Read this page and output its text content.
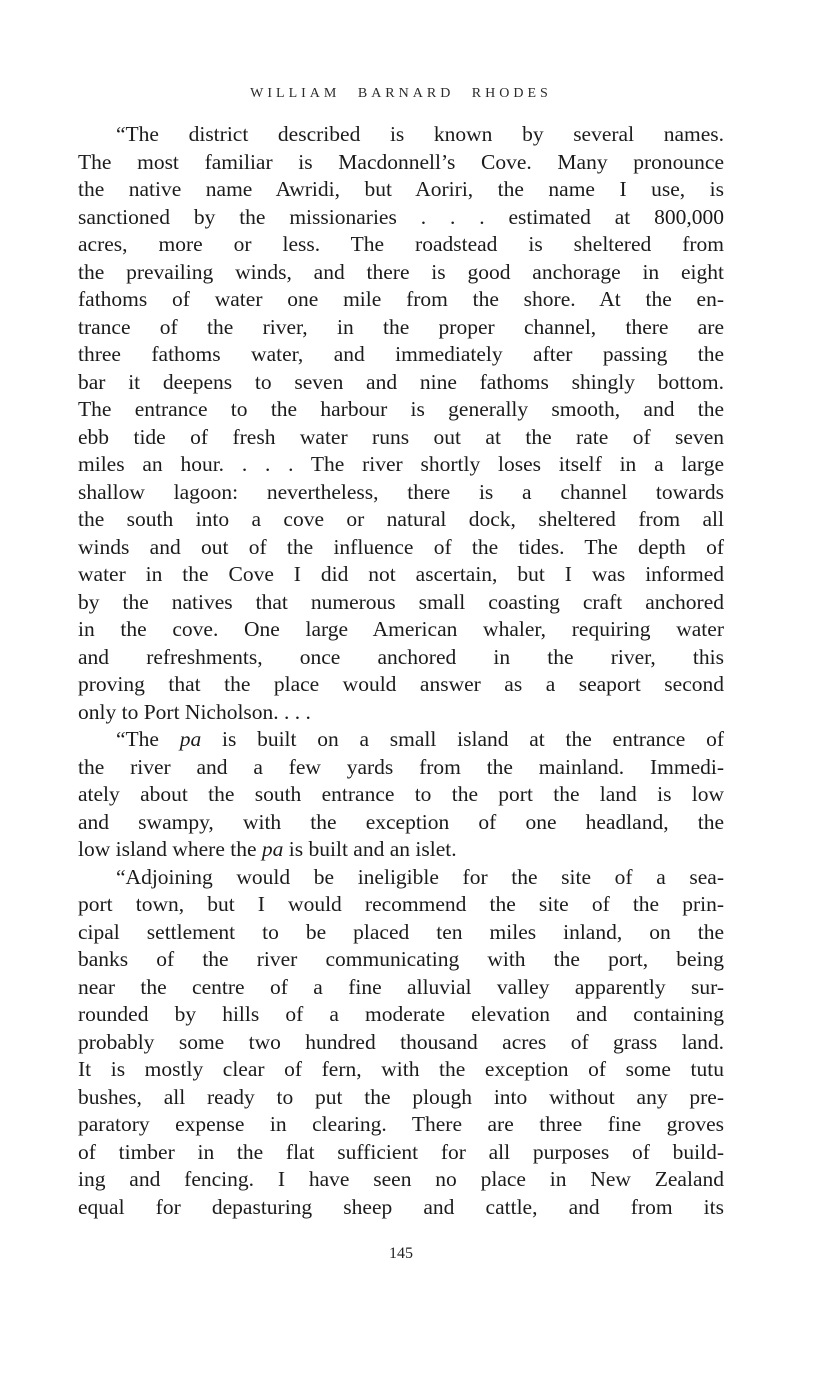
WILLIAM BARNARD RHODES
“The district described is known by several names.
The most familiar is Macdonnell’s Cove. Many pronounce
the native name Awridi, but Aoriri, the name I use, is
sanctioned by the missionaries . . . estimated at 800,000
acres, more or less. The roadstead is sheltered from
the prevailing winds, and there is good anchorage in eight
fathoms of water one mile from the shore. At the en-
trance of the river, in the proper channel, there are
three fathoms water, and immediately after passing the
bar it deepens to seven and nine fathoms shingly bottom.
The entrance to the harbour is generally smooth, and the
ebb tide of fresh water runs out at the rate of seven
miles an hour. . . . The river shortly loses itself in a large
shallow lagoon: nevertheless, there is a channel towards
the south into a cove or natural dock, sheltered from all
winds and out of the influence of the tides. The depth of
water in the Cove I did not ascertain, but I was informed
by the natives that numerous small coasting craft anchored
in the cove. One large American whaler, requiring water
and refreshments, once anchored in the river, this
proving that the place would answer as a seaport second
only to Port Nicholson. . . .
“The pa is built on a small island at the entrance of
the river and a few yards from the mainland. Immedi-
ately about the south entrance to the port the land is low
and swampy, with the exception of one headland, the
low island where the pa is built and an islet.
“Adjoining would be ineligible for the site of a sea-
port town, but I would recommend the site of the prin-
cipal settlement to be placed ten miles inland, on the
banks of the river communicating with the port, being
near the centre of a fine alluvial valley apparently sur-
rounded by hills of a moderate elevation and containing
probably some two hundred thousand acres of grass land.
It is mostly clear of fern, with the exception of some tutu
bushes, all ready to put the plough into without any pre-
paratory expense in clearing. There are three fine groves
of timber in the flat sufficient for all purposes of build-
ing and fencing. I have seen no place in New Zealand
equal for depasturing sheep and cattle, and from its
145
